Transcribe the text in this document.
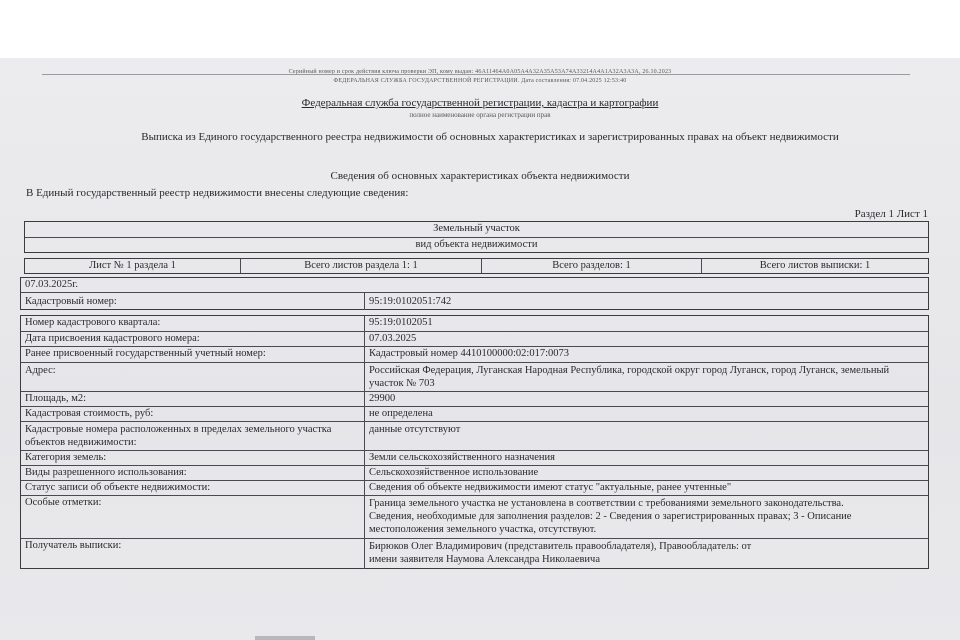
Серийный номер и срок действия ключа проверки ЭП, кому выдан: 46А11464А0А05А4А32А35А53А74А33214А4А1А32А3А3А, 26.10.2023
ФЕДЕРАЛЬНАЯ СЛУЖБА ГОСУДАРСТВЕННОЙ РЕГИСТРАЦИИ. Дата составления: 07.04.2025 12:53:40
Федеральная служба государственной регистрации, кадастра и картографии
полное наименование органа регистрации прав
Выписка из Единого государственного реестра недвижимости об основных характеристиках и зарегистрированных правах на объект недвижимости
Сведения об основных характеристиках объекта недвижимости
В Единый государственный реестр недвижимости внесены следующие сведения:
Раздел 1 Лист 1
Земельный участок
вид объекта недвижимости
Лист № 1 раздела 1	Всего листов раздела 1: 1	Всего разделов: 1	Всего листов выписки: 1
07.03.2025г.
Кадастровый номер:	95:19:0102051:742
Номер кадастрового квартала:	95:19:0102051
Дата присвоения кадастрового номера:	07.03.2025
Ранее присвоенный государственный учетный номер:	Кадастровый номер 4410100000:02:017:0073
Адрес:	Российская Федерация, Луганская Народная Республика, городской округ город Луганск, город Луганск, земельный участок № 703
Площадь, м2:	29900
Кадастровая стоимость, руб:	не определена
Кадастровые номера расположенных в пределах земельного участка объектов недвижимости:
данные отсутствуют
Категория земель:	Земли сельскохозяйственного назначения
Виды разрешенного использования:	Сельскохозяйственное использование
Статус записи об объекте недвижимости:	Сведения об объекте недвижимости имеют статус "актуальные, ранее учтенные"
Особые отметки:	Граница земельного участка не установлена в соответствии с требованиями земельного законодательства. Сведения, необходимые для заполнения разделов: 2 - Сведения о зарегистрированных правах; 3 - Описание местоположения земельного участка, отсутствуют.
Получатель выписки:	Бирюков Олег Владимирович (представитель правообладателя), Правообладатель: от имени заявителя Наумова Александра Николаевича
